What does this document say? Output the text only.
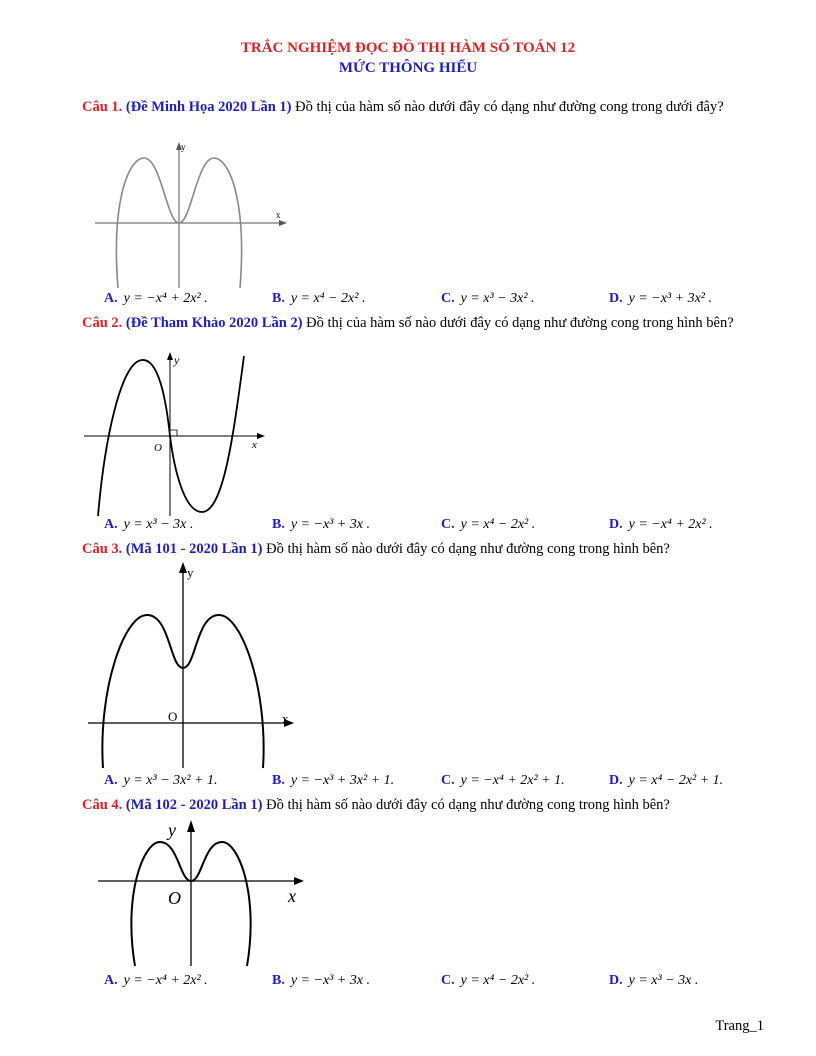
TRẮC NGHIỆM ĐỌC ĐỒ THỊ HÀM SỐ TOÁN 12
MỨC THÔNG HIỂU
Câu 1. (Đề Minh Họa 2020 Lần 1) Đồ thị của hàm số nào dưới đây có dạng như đường cong trong dưới đây?
y
x
A. y = −x⁴ + 2x² .	B. y = x⁴ − 2x² .	C. y = x³ − 3x² .	D. y = −x³ + 3x² .
Câu 2. (Đề Tham Khảo 2020 Lần 2) Đồ thị của hàm số nào dưới đây có dạng như đường cong trong hình bên?
y
x
O
A. y = x³ − 3x .	B. y = −x³ + 3x .	C. y = x⁴ − 2x² .	D. y = −x⁴ + 2x² .
Câu 3. (Mã 101 - 2020 Lần 1) Đồ thị hàm số nào dưới đây có dạng như đường cong trong hình bên?
y
x
O
A. y = x³ − 3x² + 1.	B. y = −x³ + 3x² + 1.	C. y = −x⁴ + 2x² + 1.	D. y = x⁴ − 2x² + 1.
Câu 4. (Mã 102 - 2020 Lần 1) Đồ thị hàm số nào dưới đây có dạng như đường cong trong hình bên?
y
x
O
A. y = −x⁴ + 2x² .	B. y = −x³ + 3x .	C. y = x⁴ − 2x² .	D. y = x³ − 3x .
Trang_1
